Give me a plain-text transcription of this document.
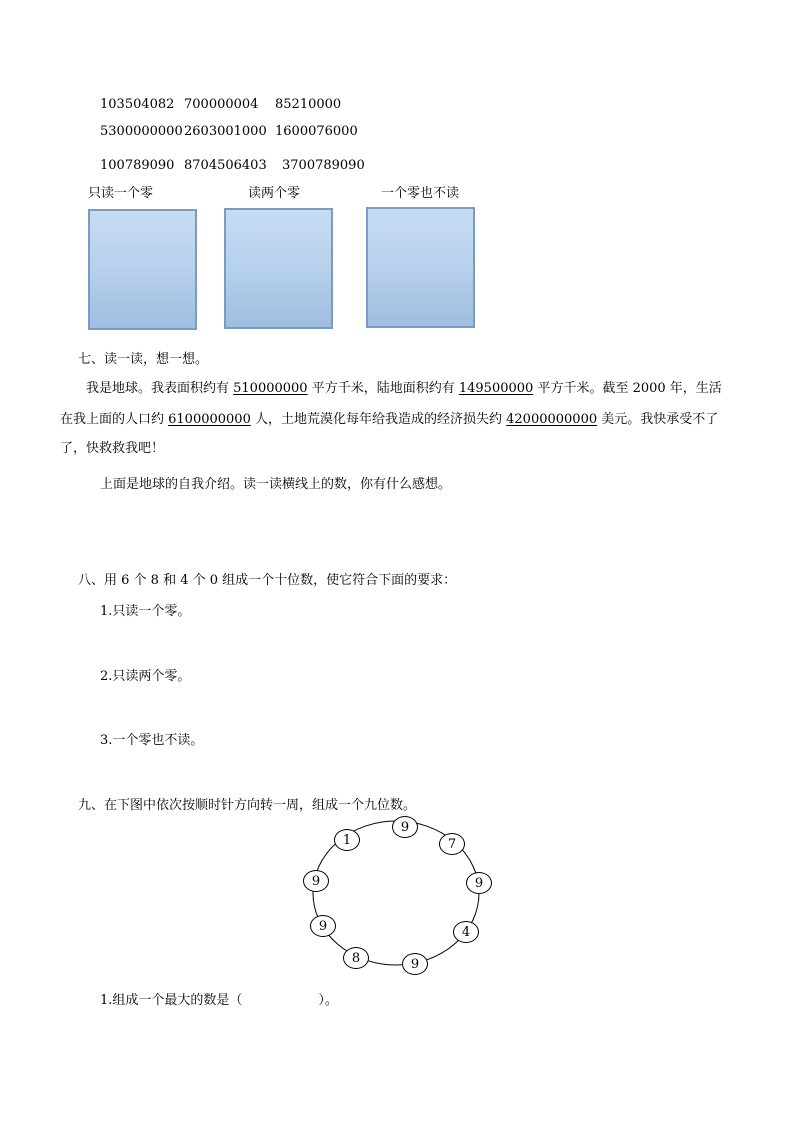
103504082 700000004 85210000
5300000000 2603001000 1600076000
100789090 8704506403 3700789090
只读一个零	读两个零	一个零也不读
七、读一读，想一想。
我是地球。我表面积约有 510000000 平方千米，陆地面积约有 149500000 平方千米。截至 2000 年，生活
在我上面的人口约 6100000000 人，土地荒漠化每年给我造成的经济损失约 42000000000 美元。我快承受不了
了，快救救我吧！
上面是地球的自我介绍。读一读横线上的数，你有什么感想。
八、用 6 个 8 和 4 个 0 组成一个十位数，使它符合下面的要求：
1.只读一个零。
2.只读两个零。
3.一个零也不读。
九、在下图中依次按顺时针方向转一周，组成一个九位数。
9
7
9
4
9
8
9
9
1
1.组成一个最大的数是（	）。
